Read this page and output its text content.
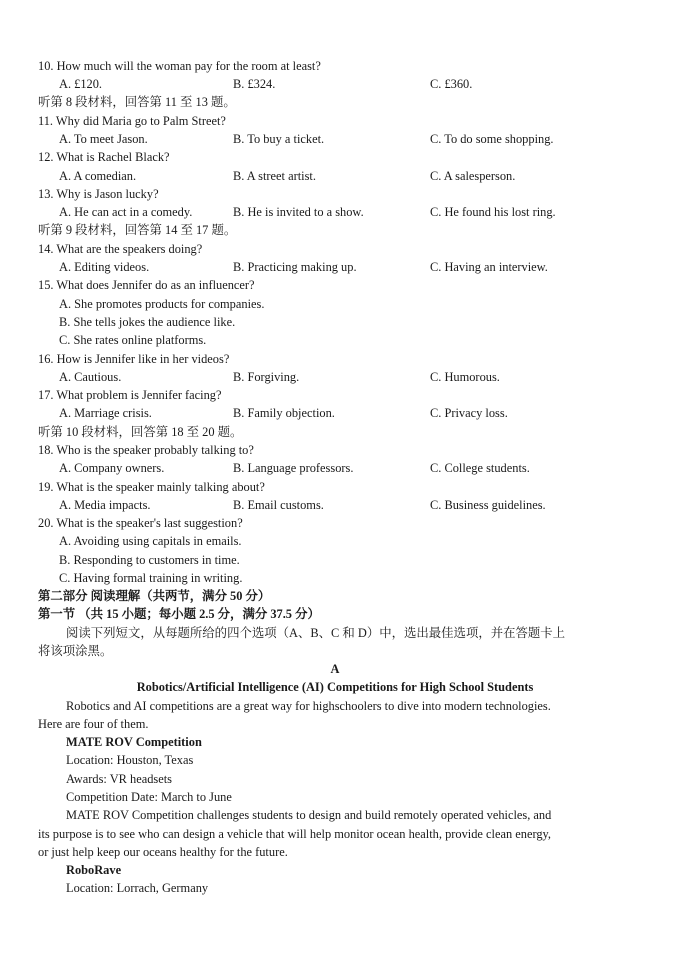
10. How much will the woman pay for the room at least?
A. £120.	B. £324.	C. £360.
听第 8 段材料，回答第 11 至 13 题。
11. Why did Maria go to Palm Street?
A. To meet Jason.	B. To buy a ticket.	C. To do some shopping.
12. What is Rachel Black?
A. A comedian.	B. A street artist.	C. A salesperson.
13. Why is Jason lucky?
A. He can act in a comedy.	B. He is invited to a show.	C. He found his lost ring.
听第 9 段材料，回答第 14 至 17 题。
14. What are the speakers doing?
A. Editing videos.	B. Practicing making up.	C. Having an interview.
15. What does Jennifer do as an influencer?
A. She promotes products for companies.
B. She tells jokes the audience like.
C. She rates online platforms.
16. How is Jennifer like in her videos?
A. Cautious.	B. Forgiving.	C. Humorous.
17. What problem is Jennifer facing?
A. Marriage crisis.	B. Family objection.	C. Privacy loss.
听第 10 段材料，回答第 18 至 20 题。
18. Who is the speaker probably talking to?
A. Company owners.	B. Language professors.	C. College students.
19. What is the speaker mainly talking about?
A. Media impacts.	B. Email customs.	C. Business guidelines.
20. What is the speaker's last suggestion?
A. Avoiding using capitals in emails.
B. Responding to customers in time.
C. Having formal training in writing.
第二部分 阅读理解（共两节，满分 50 分）
第一节 （共 15 小题；每小题 2.5 分，满分 37.5 分）
阅读下列短文，从每题所给的四个选项（A、B、C 和 D）中，选出最佳选项，并在答题卡上
将该项涂黑。
A
Robotics/Artificial Intelligence (AI) Competitions for High School Students
Robotics and AI competitions are a great way for highschoolers to dive into modern technologies.
Here are four of them.
MATE ROV Competition
Location: Houston, Texas
Awards: VR headsets
Competition Date: March to June
MATE ROV Competition challenges students to design and build remotely operated vehicles, and
its purpose is to see who can design a vehicle that will help monitor ocean health, provide clean energy,
or just help keep our oceans healthy for the future.
RoboRave
Location: Lorrach, Germany
